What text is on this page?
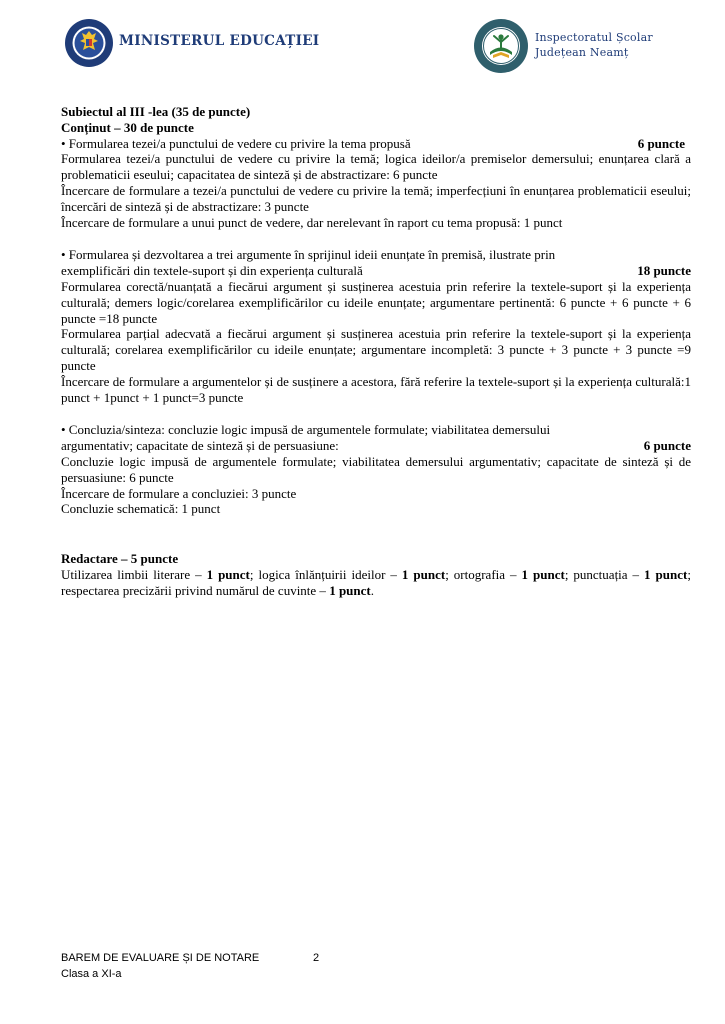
MINISTERUL EDUCAȚIEI	Inspectoratul Școlar
Județean Neamț

Subiectul al III -lea (35 de puncte)

Conținut – 30 de puncte

• Formularea tezei/a punctului de vedere cu privire la tema propusă	6 puncte

Formularea tezei/a punctului de vedere cu privire la temă; logica ideilor/a premiselor demersului; enunțarea clară a problematicii eseului; capacitatea de sinteză și de abstractizare: 6 puncte

Încercare de formulare a tezei/a punctului de vedere cu privire la temă; imperfecțiuni în enunțarea problematicii eseului; încercări de sinteză și de abstractizare: 3 puncte

Încercare de formulare a unui punct de vedere, dar nerelevant în raport cu tema propusă: 1 punct

• Formularea și dezvoltarea a trei argumente în sprijinul ideii enunțate în premisă, ilustrate prin

exemplificări din textele-suport și din experiența culturală	18 puncte

Formularea corectă/nuanțată a fiecărui argument și susținerea acestuia prin referire la textele-suport și la experiența culturală; demers logic/corelarea exemplificărilor cu ideile enunțate; argumentare pertinentă: 6 puncte + 6 puncte + 6 puncte =18 puncte

Formularea parțial adecvată a fiecărui argument și susținerea acestuia prin referire la textele-suport și la experiența culturală; corelarea exemplificărilor cu ideile enunțate; argumentare incompletă: 3 puncte + 3 puncte + 3 puncte =9 puncte

Încercare de formulare a argumentelor și de susținere a acestora, fără referire la textele-suport și la experiența culturală:1 punct + 1punct + 1 punct=3 puncte

• Concluzia/sinteza: concluzie logic impusă de argumentele formulate; viabilitatea demersului

argumentativ; capacitate de sinteză și de persuasiune:	6 puncte

Concluzie logic impusă de argumentele formulate; viabilitatea demersului argumentativ; capacitate de sinteză și de persuasiune: 6 puncte

Încercare de formulare a concluziei: 3 puncte

Concluzie schematică: 1 punct

Redactare – 5 puncte

Utilizarea limbii literare – 1 punct; logica înlănțuirii ideilor – 1 punct; ortografia – 1 punct; punctuația – 1 punct; respectarea precizării privind numărul de cuvinte – 1 punct.

BAREM DE EVALUARE ȘI DE NOTARE
Clasa a XI-a
2
